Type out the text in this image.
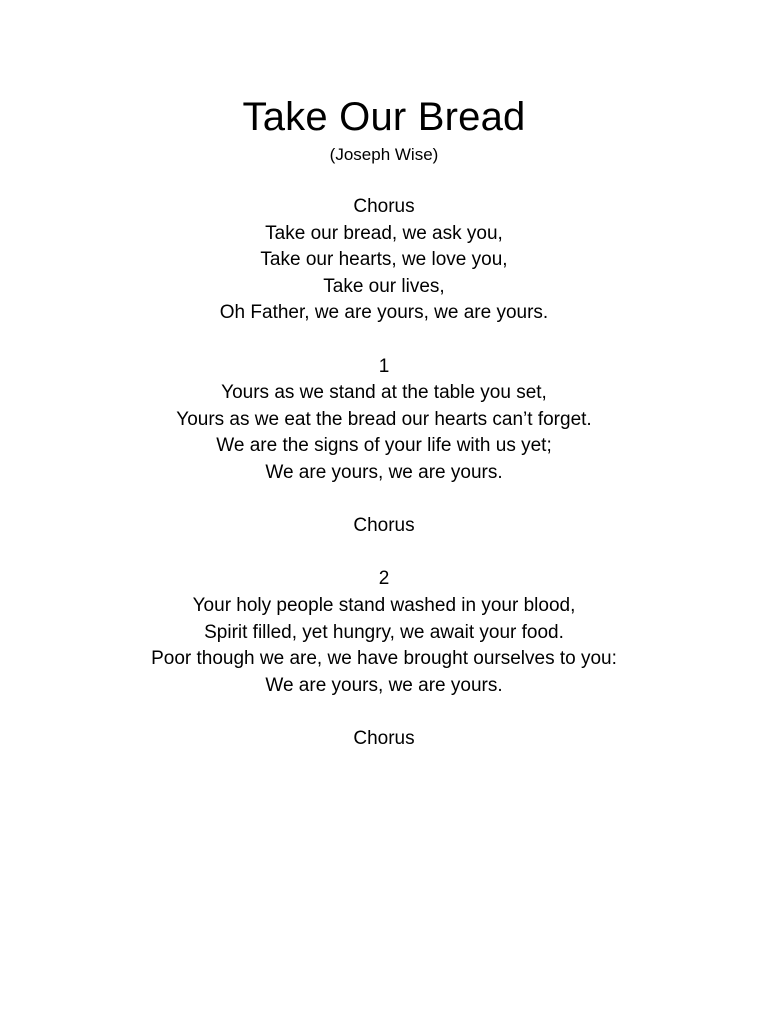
Take Our Bread
(Joseph Wise)
Chorus
Take our bread, we ask you,
Take our hearts, we love you,
Take our lives,
Oh Father, we are yours, we are yours.
1
Yours as we stand at the table you set,
Yours as we eat the bread our hearts can’t forget.
We are the signs of your life with us yet;
We are yours, we are yours.
Chorus
2
Your holy people stand washed in your blood,
Spirit filled, yet hungry, we await your food.
Poor though we are, we have brought ourselves to you:
We are yours, we are yours.
Chorus
